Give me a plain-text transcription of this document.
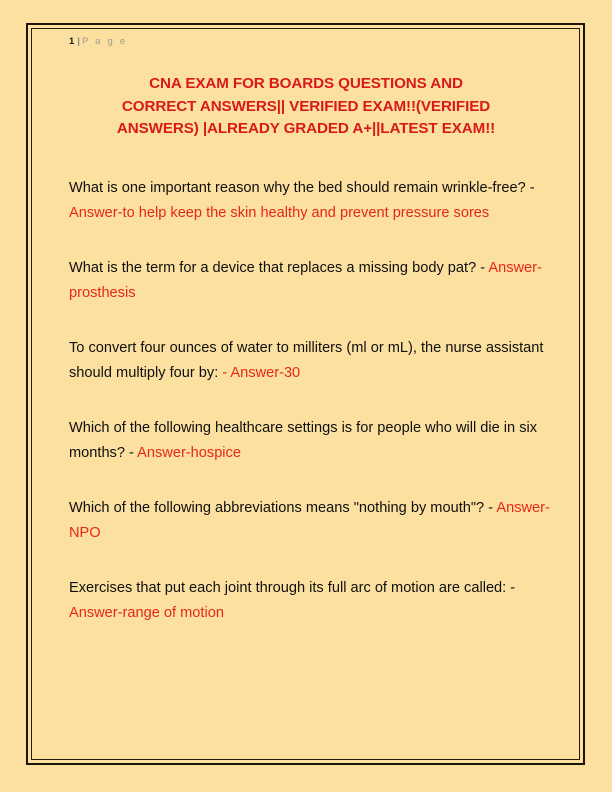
1 | P a g e
CNA EXAM FOR BOARDS QUESTIONS AND
CORRECT ANSWERS|| VERIFIED EXAM!!(VERIFIED
ANSWERS) |ALREADY GRADED A+||LATEST EXAM!!
What is one important reason why the bed should remain wrinkle-free? - Answer-to help keep the skin healthy and prevent pressure sores
What is the term for a device that replaces a missing body pat? - Answer-prosthesis
To convert four ounces of water to milliters (ml or mL), the nurse assistant should multiply four by: - Answer-30
Which of the following healthcare settings is for people who will die in six months? - Answer-hospice
Which of the following abbreviations means "nothing by mouth"? - Answer-NPO
Exercises that put each joint through its full arc of motion are called: - Answer-range of motion
